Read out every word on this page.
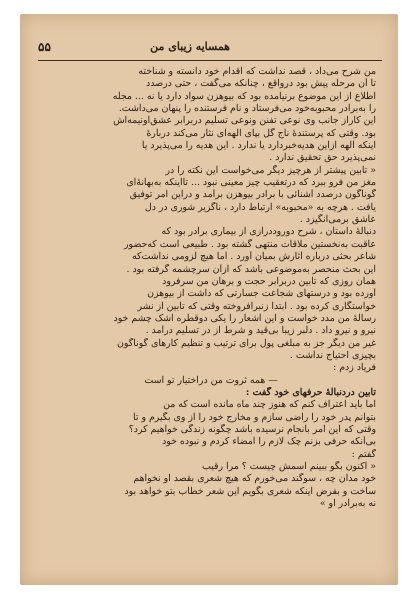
۵۵	همسایه زیبای من
من شرح می‌داد ، قصد نداشت که اقدام خود دانسته و شناخته
تا آن مرحله پیش بود درواقع ، چنانکه می‌گفت ، حتی درصدد
اطلاع از این موضوع برنیامده بود که بیوهزن سواد دارد یا نه ... مجله
را به‌برادر محبوبه‌خود می‌فرستاد و نام فرستنده را پنهان می‌داشت.
این کاراز جانب وی نوعی تفنن ونوعی تسلیم دربرابر عشق‌اونیمه‌اش
بود. وقتی که پرستندهٔ ناج گل بپای الهه‌ای نثار می‌کند دربارهٔ
اینکه الهه ازاین هدیه‌خبردارد یا ندارد . این هدیه را می‌پذیرد یا
نمی‌پذیرد حق تحقیق ندارد .
« تابین پیشتر از هرچیز دیگر می‌خواست این نکته را در
مغز من فرو ببرد که درتعقیب چیز معینی نبود ... تااینکه به‌بهانهٔ‌ای
گوناگون درصدد آشنائی با برادر بیوهزن برآمد و دراین امر توفیق
یافت . هرچه به «محبوبه» ارتباط دارد ، ناگزیر شوری در دل
عاشق برمی‌انگیزد .
دنبالهٔ داستان ، شرح دوروددرازی از بیماری برادر بود که
عاقبت به‌نخستین ملاقات منتهی گشته بود . طبیعی است که‌حضور
شاعر بحثی درباره آثارش بمیان آورد . اما هیچ لزومی نداشت‌که
این بحث منحصر به‌موضوعی باشد که ازآن سرچشمه گرفته بود .
همان روزی که تابین دربرابر حجت و برهان من سرفرود
آورده بود و درستهای شجاعت جسارتی که داشت از بیوهزن
خواستگاری کرده بود . ابتدا زنبرافروخته وقتی که تابین از نشر
رسالهٔ من مدد خواست و این اشعار را یکی دوقطره اشک چشم خود
نیرو و نیرو داد . دلبر زیبا بی‌قید و شرط از در تسلیم درآمد .
غیر من دیگر جز به مبلغی پول برای ترتیب و تنظیم کارهای گوناگون
بچیزی احتیاج نداشت .
فریاد زدم :
— همه ثروت من دراختیار تو است
تابین دردنبالهٔ حرفهای خود گفت :
اما باید اعتراف کنم که هنوز چند ماه مانده است که من
بتوانم پدر خود را راضی سازم و مخارج خود را از وی بگیرم و تا
وقتی که این امر بانجام نرسیده باشد چگونه زندگی خواهیم کرد؟
بی‌آنکه حرفی بزنم چک لازم را امضاء کردم و نبوده خود
گفتم :
« اکنون بگو ببینم اسمش چیست ؟ مرا رقیب
خود مدان چه ، سوگند می‌خورم که هیچ شعری بقصد او نخواهم
ساخت و بفرض اینکه شعری بگویم این شعر خطاب بتو خواهد بود
نه به‌برادر او »
